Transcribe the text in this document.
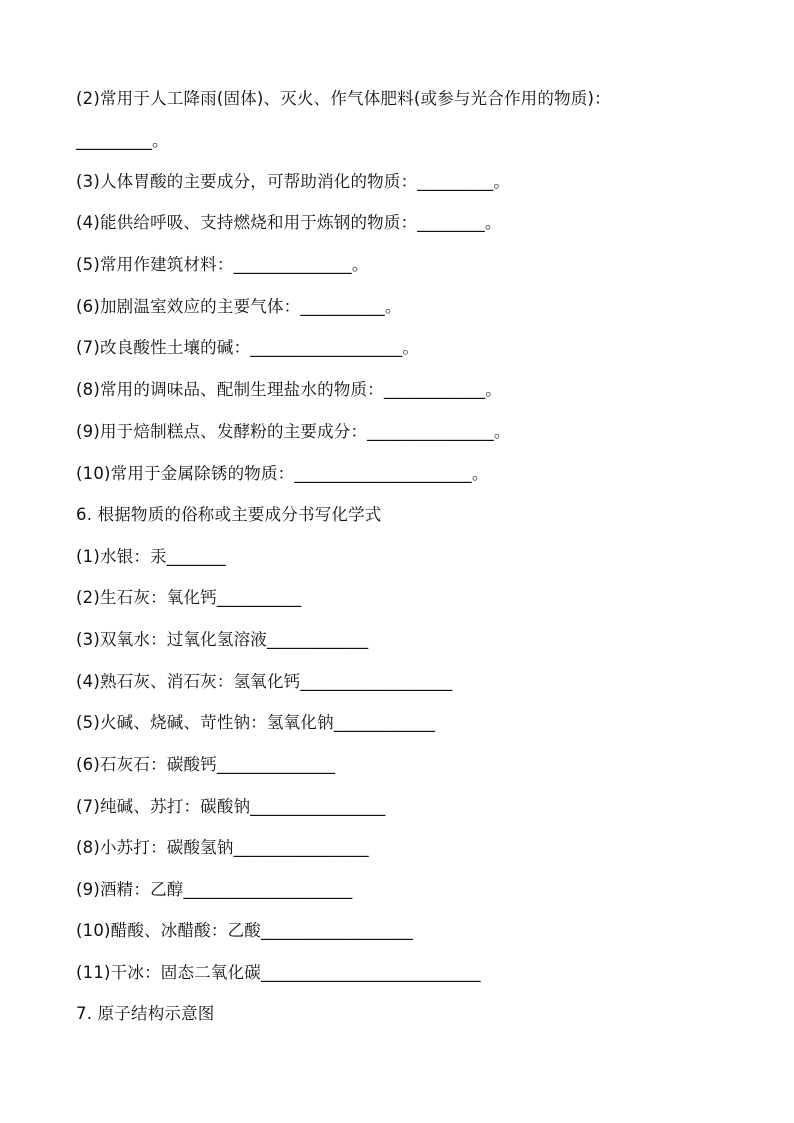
(2)常用于人工降雨(固体)、灭火、作气体肥料(或参与光合作用的物质)：
_________。
(3)人体胃酸的主要成分，可帮助消化的物质：_________。
(4)能供给呼吸、支持燃烧和用于炼钢的物质：________。
(5)常用作建筑材料：______________。
(6)加剧温室效应的主要气体：__________。
(7)改良酸性土壤的碱：__________________。
(8)常用的调味品、配制生理盐水的物质：____________。
(9)用于焙制糕点、发酵粉的主要成分：_______________。
(10)常用于金属除锈的物质：_____________________。
6. 根据物质的俗称或主要成分书写化学式
(1)水银：汞_______
(2)生石灰：氧化钙__________
(3)双氧水：过氧化氢溶液____________
(4)熟石灰、消石灰：氢氧化钙__________________
(5)火碱、烧碱、苛性钠：氢氧化钠____________
(6)石灰石：碳酸钙______________
(7)纯碱、苏打：碳酸钠________________
(8)小苏打：碳酸氢钠________________
(9)酒精：乙醇____________________
(10)醋酸、冰醋酸：乙酸__________________
(11)干冰：固态二氧化碳__________________________
7. 原子结构示意图
